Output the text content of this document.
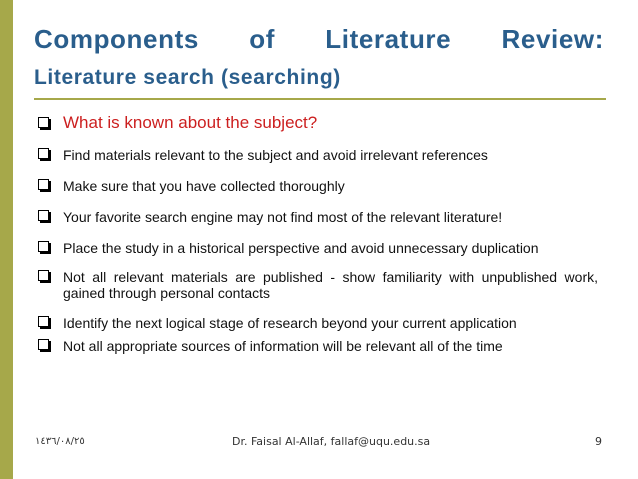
Components of Literature Review:
Literature search (searching)
What is known about the subject?
Find materials relevant to the subject and avoid irrelevant references
Make sure that you have collected thoroughly
Your favorite search engine may not find most of the relevant literature!
Place the study in a historical perspective and avoid unnecessary duplication
Not all relevant materials are published - show familiarity with unpublished work, gained through personal contacts
Identify the next logical stage of research beyond your current application
Not all appropriate sources of information will be relevant all of the time
١٤٣٦/٠٨/٢٥	Dr. Faisal Al-Allaf, fallaf@uqu.edu.sa	9
